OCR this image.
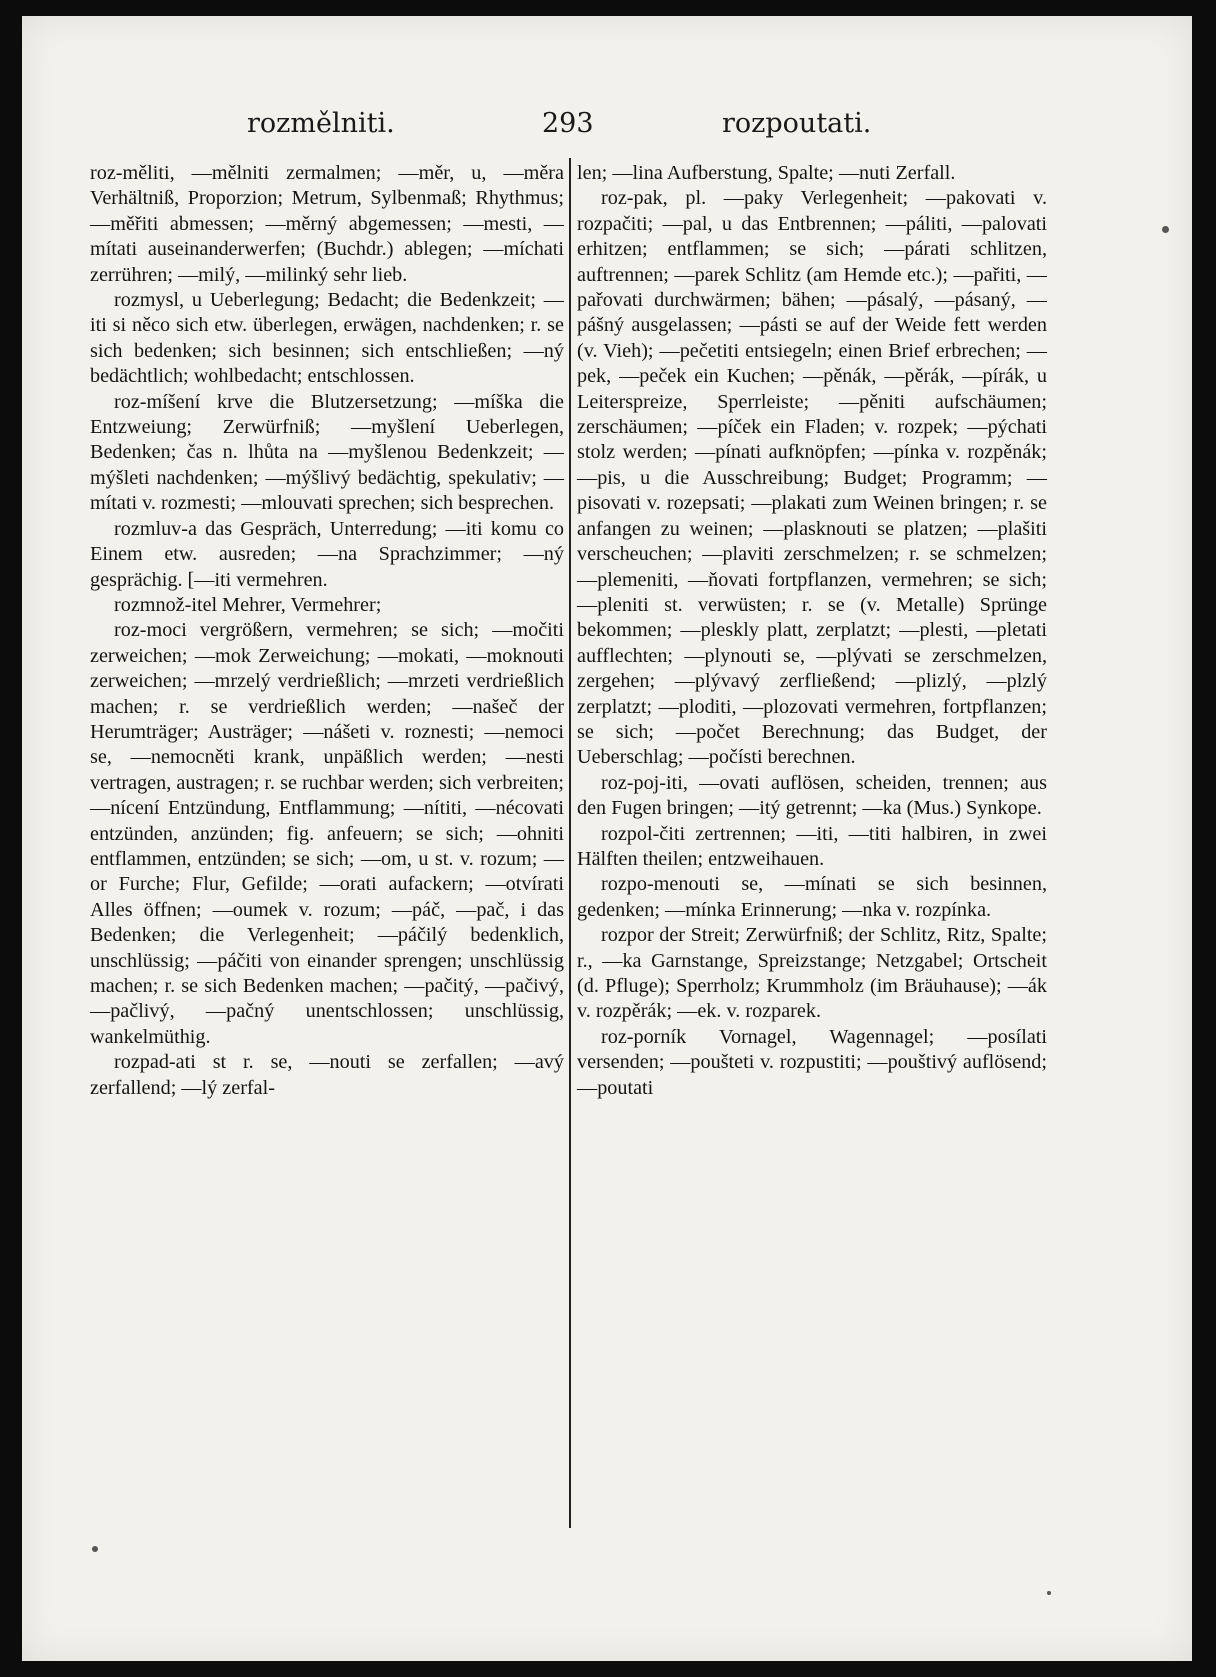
rozmělniti.	293	rozpoutati.

roz-měliti, —mělniti zermalmen; —měr, u, —měra Verhältniß, Proporzion; Metrum, Sylbenmaß; Rhythmus; —měřiti abmessen; —měrný abgemessen; —mesti, —mítati auseinanderwerfen; (Buchdr.) ablegen; —míchati zerrühren; —milý, —milinký sehr lieb.

rozmysl, u Ueberlegung; Bedacht; die Bedenkzeit; —iti si něco sich etw. überlegen, erwägen, nachdenken; r. se sich bedenken; sich besinnen; sich entschließen; —ný bedächtlich; wohlbedacht; entschlossen.

roz-míšení krve die Blutzersetzung; —míška die Entzweiung; Zerwürfniß; —myšlení Ueberlegen, Bedenken; čas n. lhůta na —myšlenou Bedenkzeit; —mýšleti nachdenken; —mýšlivý bedächtig, spekulativ; —mítati v. rozmesti; —mlouvati sprechen; sich besprechen.

rozmluv-a das Gespräch, Unterredung; —iti komu co Einem etw. ausreden; —na Sprachzimmer; —ný gesprächig. [—iti vermehren.

rozmnož-itel Mehrer, Vermehrer;

roz-moci vergrößern, vermehren; se sich; —močiti zerweichen; —mok Zerweichung; —mokati, —moknouti zerweichen; —mrzelý verdrießlich; —mrzeti verdrießlich machen; r. se verdrießlich werden; —našeč der Herumträger; Austräger; —nášeti v. roznesti; —nemoci se, —nemocněti krank, unpäßlich werden; —nesti vertragen, austragen; r. se ruchbar werden; sich verbreiten; —nícení Entzündung, Entflammung; —nítiti, —nécovati entzünden, anzünden; fig. anfeuern; se sich; —ohniti entflammen, entzünden; se sich; —om, u st. v. rozum; —or Furche; Flur, Gefilde; —orati aufackern; —otvírati Alles öffnen; —oumek v. rozum; —páč, —pač, i das Bedenken; die Verlegenheit; —páčilý bedenklich, unschlüssig; —páčiti von einander sprengen; unschlüssig machen; r. se sich Bedenken machen; —pačitý, —pačivý, —pačlivý, —pačný unentschlossen; unschlüssig, wankelmüthig.

rozpad-ati st r. se, —nouti se zerfallen; —avý zerfallend; —lý zerfal-

len; —lina Aufberstung, Spalte; —nuti Zerfall.

roz-pak, pl. —paky Verlegenheit; —pakovati v. rozpačiti; —pal, u das Entbrennen; —páliti, —palovati erhitzen; entflammen; se sich; —párati schlitzen, auftrennen; —parek Schlitz (am Hemde etc.); —pařiti, —pařovati durchwärmen; bähen; —pásalý, —pásaný, —pášný ausgelassen; —pásti se auf der Weide fett werden (v. Vieh); —pečetiti entsiegeln; einen Brief erbrechen; —pek, —peček ein Kuchen; —pěnák, —pěrák, —pírák, u Leiterspreize, Sperrleiste; —pěniti aufschäumen; zerschäumen; —píček ein Fladen; v. rozpek; —pýchati stolz werden; —pínati aufknöpfen; —pínka v. rozpěnák; —pis, u die Ausschreibung; Budget; Programm; —pisovati v. rozepsati; —plakati zum Weinen bringen; r. se anfangen zu weinen; —plasknouti se platzen; —plašiti verscheuchen; —plaviti zerschmelzen; r. se schmelzen; —plemeniti, —ňovati fortpflanzen, vermehren; se sich; —pleniti st. verwüsten; r. se (v. Metalle) Sprünge bekommen; —pleskly platt, zerplatzt; —plesti, —pletati aufflechten; —plynouti se, —plývati se zerschmelzen, zergehen; —plývavý zerfließend; —plizlý, —plzlý zerplatzt; —ploditi, —plozovati vermehren, fortpflanzen; se sich; —počet Berechnung; das Budget, der Ueberschlag; —počísti berechnen.

roz-poj-iti, —ovati auflösen, scheiden, trennen; aus den Fugen bringen; —itý getrennt; —ka (Mus.) Synkope.

rozpol-čiti zertrennen; —iti, —titi halbiren, in zwei Hälften theilen; entzweihauen.

rozpo-menouti se, —mínati se sich besinnen, gedenken; —mínka Erinnerung; —nka v. rozpínka.

rozpor der Streit; Zerwürfniß; der Schlitz, Ritz, Spalte; r., —ka Garnstange, Spreizstange; Netzgabel; Ortscheit (d. Pfluge); Sperrholz; Krummholz (im Bräuhause); —ák v. rozpěrák; —ek. v. rozparek.

roz-porník Vornagel, Wagennagel; —posílati versenden; —poušteti v. rozpustiti; —pouštivý auflösend; —poutati
